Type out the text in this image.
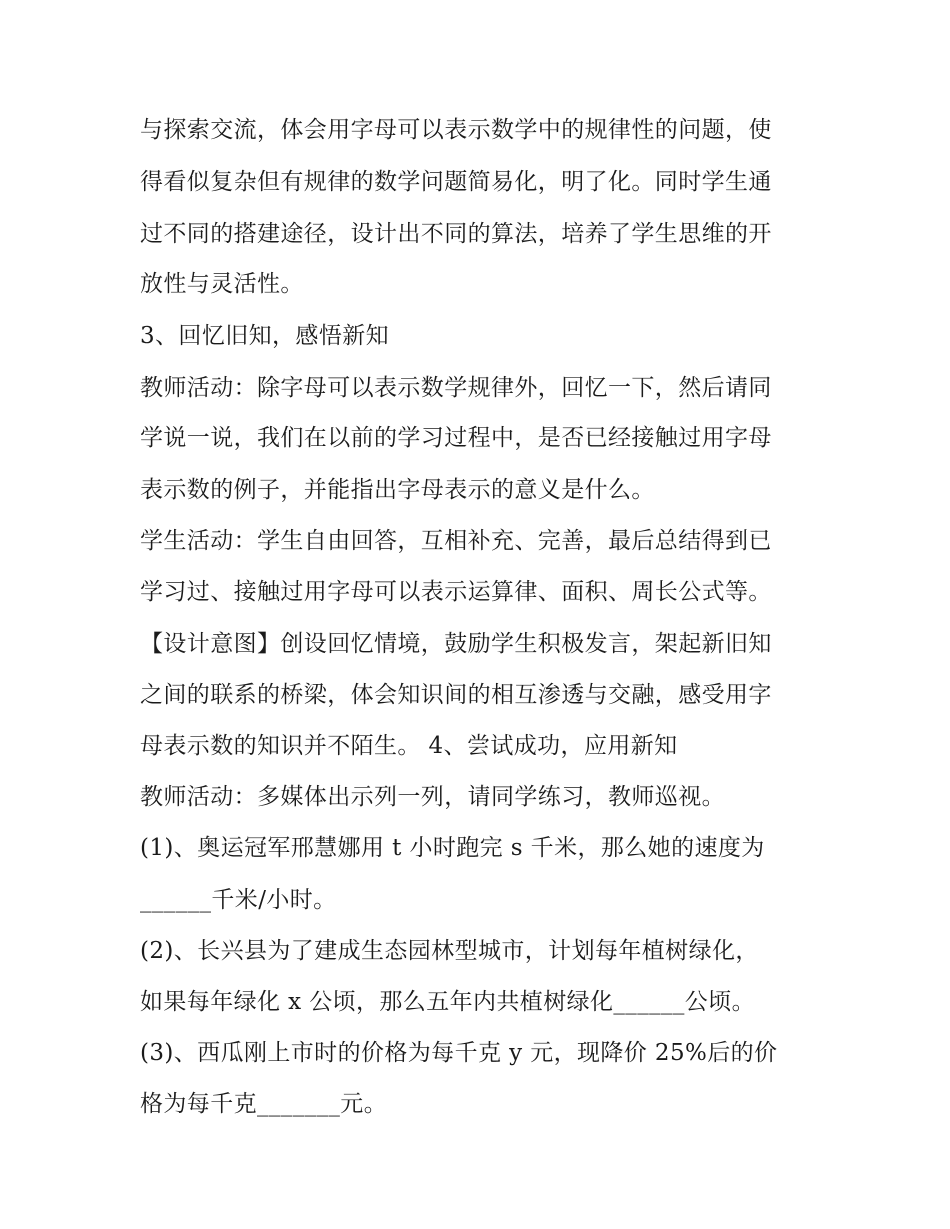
与探索交流，体会用字母可以表示数学中的规律性的问题，使
得看似复杂但有规律的数学问题简易化，明了化。同时学生通
过不同的搭建途径，设计出不同的算法，培养了学生思维的开
放性与灵活性。
3、回忆旧知，感悟新知
教师活动：除字母可以表示数学规律外，回忆一下，然后请同
学说一说，我们在以前的学习过程中，是否已经接触过用字母
表示数的例子，并能指出字母表示的意义是什么。
学生活动：学生自由回答，互相补充、完善，最后总结得到已
学习过、接触过用字母可以表示运算律、面积、周长公式等。
【设计意图】创设回忆情境，鼓励学生积极发言，架起新旧知
之间的联系的桥梁，体会知识间的相互渗透与交融，感受用字
母表示数的知识并不陌生。 4、尝试成功，应用新知
教师活动：多媒体出示列一列，请同学练习，教师巡视。
(1)、奥运冠军邢慧娜用 t 小时跑完 s 千米，那么她的速度为
______千米/小时。
(2)、长兴县为了建成生态园林型城市，计划每年植树绿化，
如果每年绿化 x 公顷，那么五年内共植树绿化______公顷。
(3)、西瓜刚上市时的价格为每千克 y 元，现降价 25%后的价
格为每千克_______元。
